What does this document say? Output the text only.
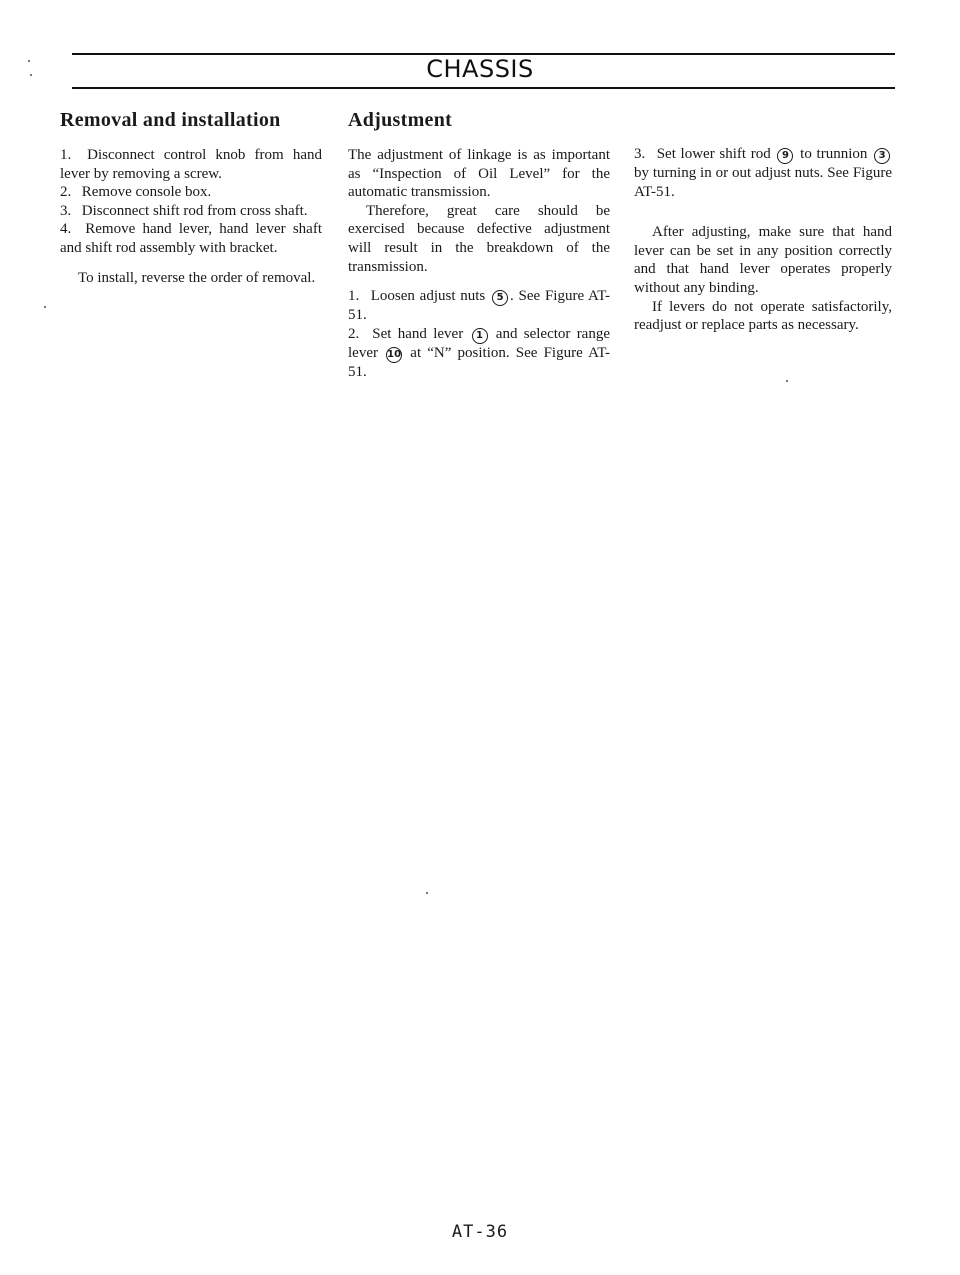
CHASSIS
Removal and installation

1. Disconnect control knob from hand lever by removing a screw.

2. Remove console box.

3. Disconnect shift rod from cross shaft.

4. Remove hand lever, hand lever shaft and shift rod assembly with bracket.

To install, reverse the order of removal.

Adjustment

The adjustment of linkage is as important as “Inspection of Oil Level” for the automatic transmission.

Therefore, great care should be exercised because defective adjustment will result in the breakdown of the transmission.

1. Loosen adjust nuts 5 . See Figure AT-51.

2. Set hand lever 1 and selector range lever 10 at “N” position. See Figure AT-51.

3. Set lower shift rod 9 to trunnion 3 by turning in or out adjust nuts. See Figure AT-51.

After adjusting, make sure that hand lever can be set in any position correctly and that hand lever operates properly without any binding.

If levers do not operate satisfactorily, readjust or replace parts as necessary.

AT-36
